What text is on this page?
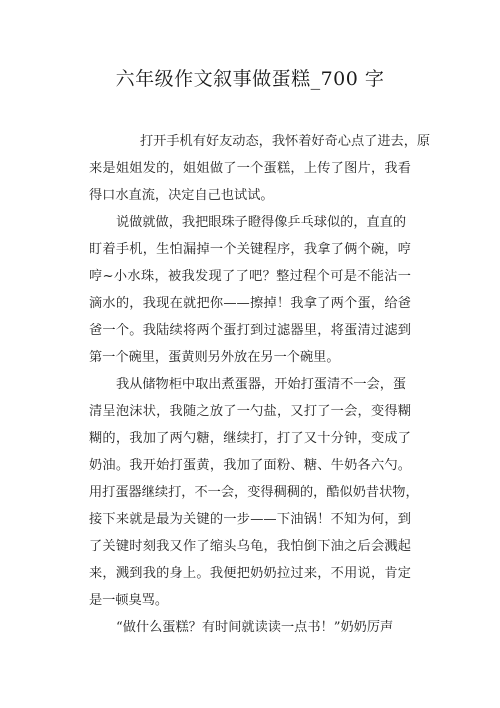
六年级作文叙事做蛋糕_700 字
打开手机有好友动态，我怀着好奇心点了进去，原
来是姐姐发的，姐姐做了一个蛋糕，上传了图片，我看
得口水直流，决定自己也试试。
说做就做，我把眼珠子瞪得像乒乓球似的，直直的
盯着手机，生怕漏掉一个关键程序，我拿了俩个碗，哼
哼~小水珠，被我发现了了吧？整过程个可是不能沾一
滴水的，我现在就把你——擦掉！我拿了两个蛋，给爸
爸一个。我陆续将两个蛋打到过滤器里，将蛋清过滤到
第一个碗里，蛋黄则另外放在另一个碗里。
我从储物柜中取出煮蛋器，开始打蛋清不一会，蛋
清呈泡沫状，我随之放了一勺盐，又打了一会，变得糊
糊的，我加了两勺糖，继续打，打了又十分钟，变成了
奶油。我开始打蛋黄，我加了面粉、糖、牛奶各六勺。
用打蛋器继续打，不一会，变得稠稠的，酷似奶昔状物，
接下来就是最为关键的一步——下油锅！不知为何，到
了关键时刻我又作了缩头乌龟，我怕倒下油之后会溅起
来，溅到我的身上。我便把奶奶拉过来，不用说，肯定
是一顿臭骂。
“做什么蛋糕？有时间就读读一点书！”奶奶厉声
